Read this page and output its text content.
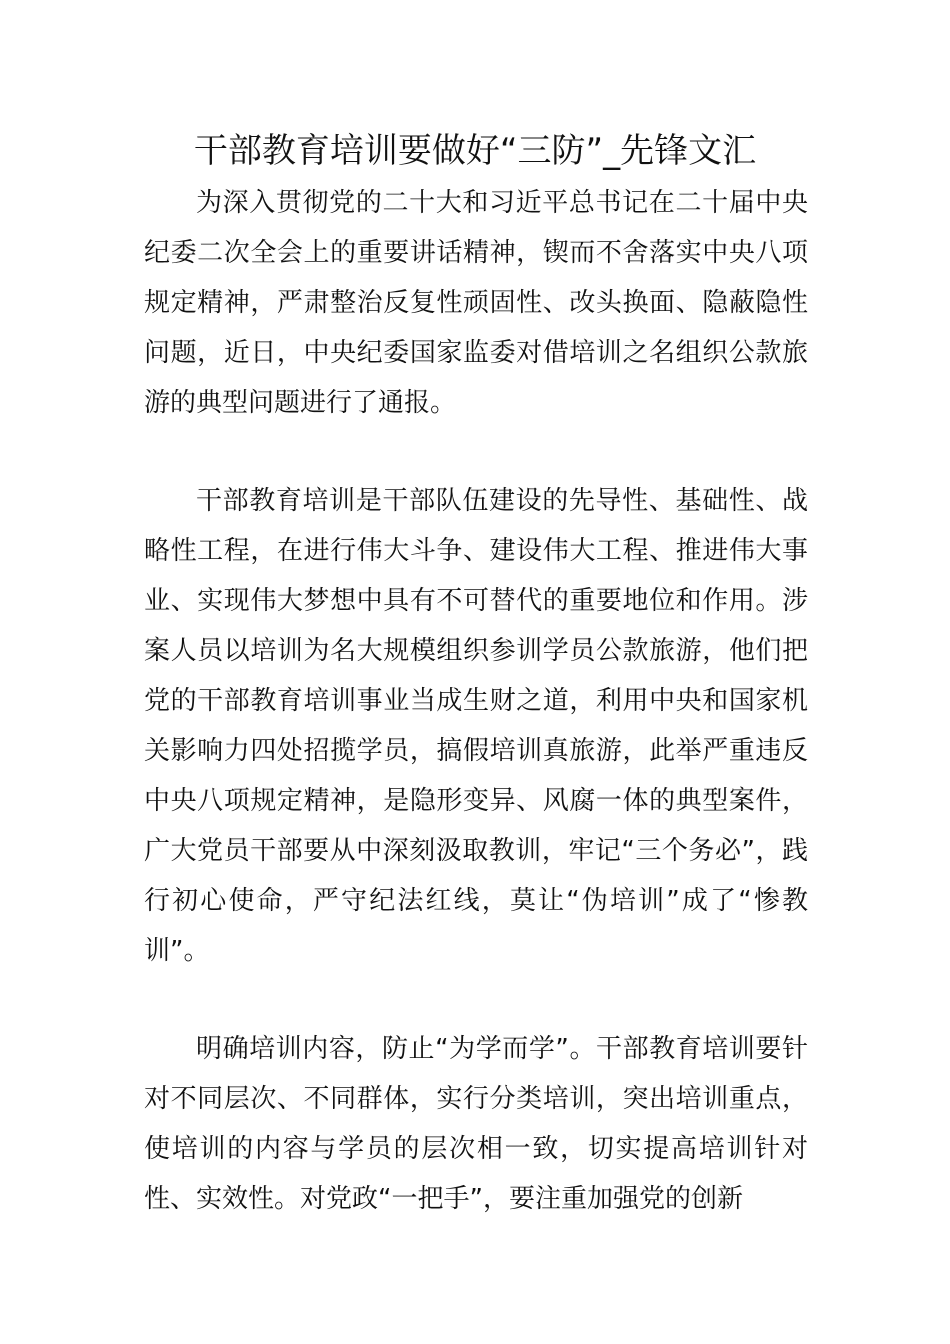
干部教育培训要做好“三防”_先锋文汇

为深入贯彻党的二十大和习近平总书记在二十届中央纪委二次全会上的重要讲话精神，锲而不舍落实中央八项规定精神，严肃整治反复性顽固性、改头换面、隐蔽隐性问题，近日，中央纪委国家监委对借培训之名组织公款旅游的典型问题进行了通报。

干部教育培训是干部队伍建设的先导性、基础性、战略性工程，在进行伟大斗争、建设伟大工程、推进伟大事业、实现伟大梦想中具有不可替代的重要地位和作用。涉案人员以培训为名大规模组织参训学员公款旅游，他们把党的干部教育培训事业当成生财之道，利用中央和国家机关影响力四处招揽学员，搞假培训真旅游，此举严重违反中央八项规定精神，是隐形变异、风腐一体的典型案件，广大党员干部要从中深刻汲取教训，牢记“三个务必”，践行初心使命，严守纪法红线，莫让“伪培训”成了“惨教训”。

明确培训内容，防止“为学而学”。干部教育培训要针对不同层次、不同群体，实行分类培训，突出培训重点，使培训的内容与学员的层次相一致，切实提高培训针对性、实效性。对党政“一把手”，要注重加强党的创新
